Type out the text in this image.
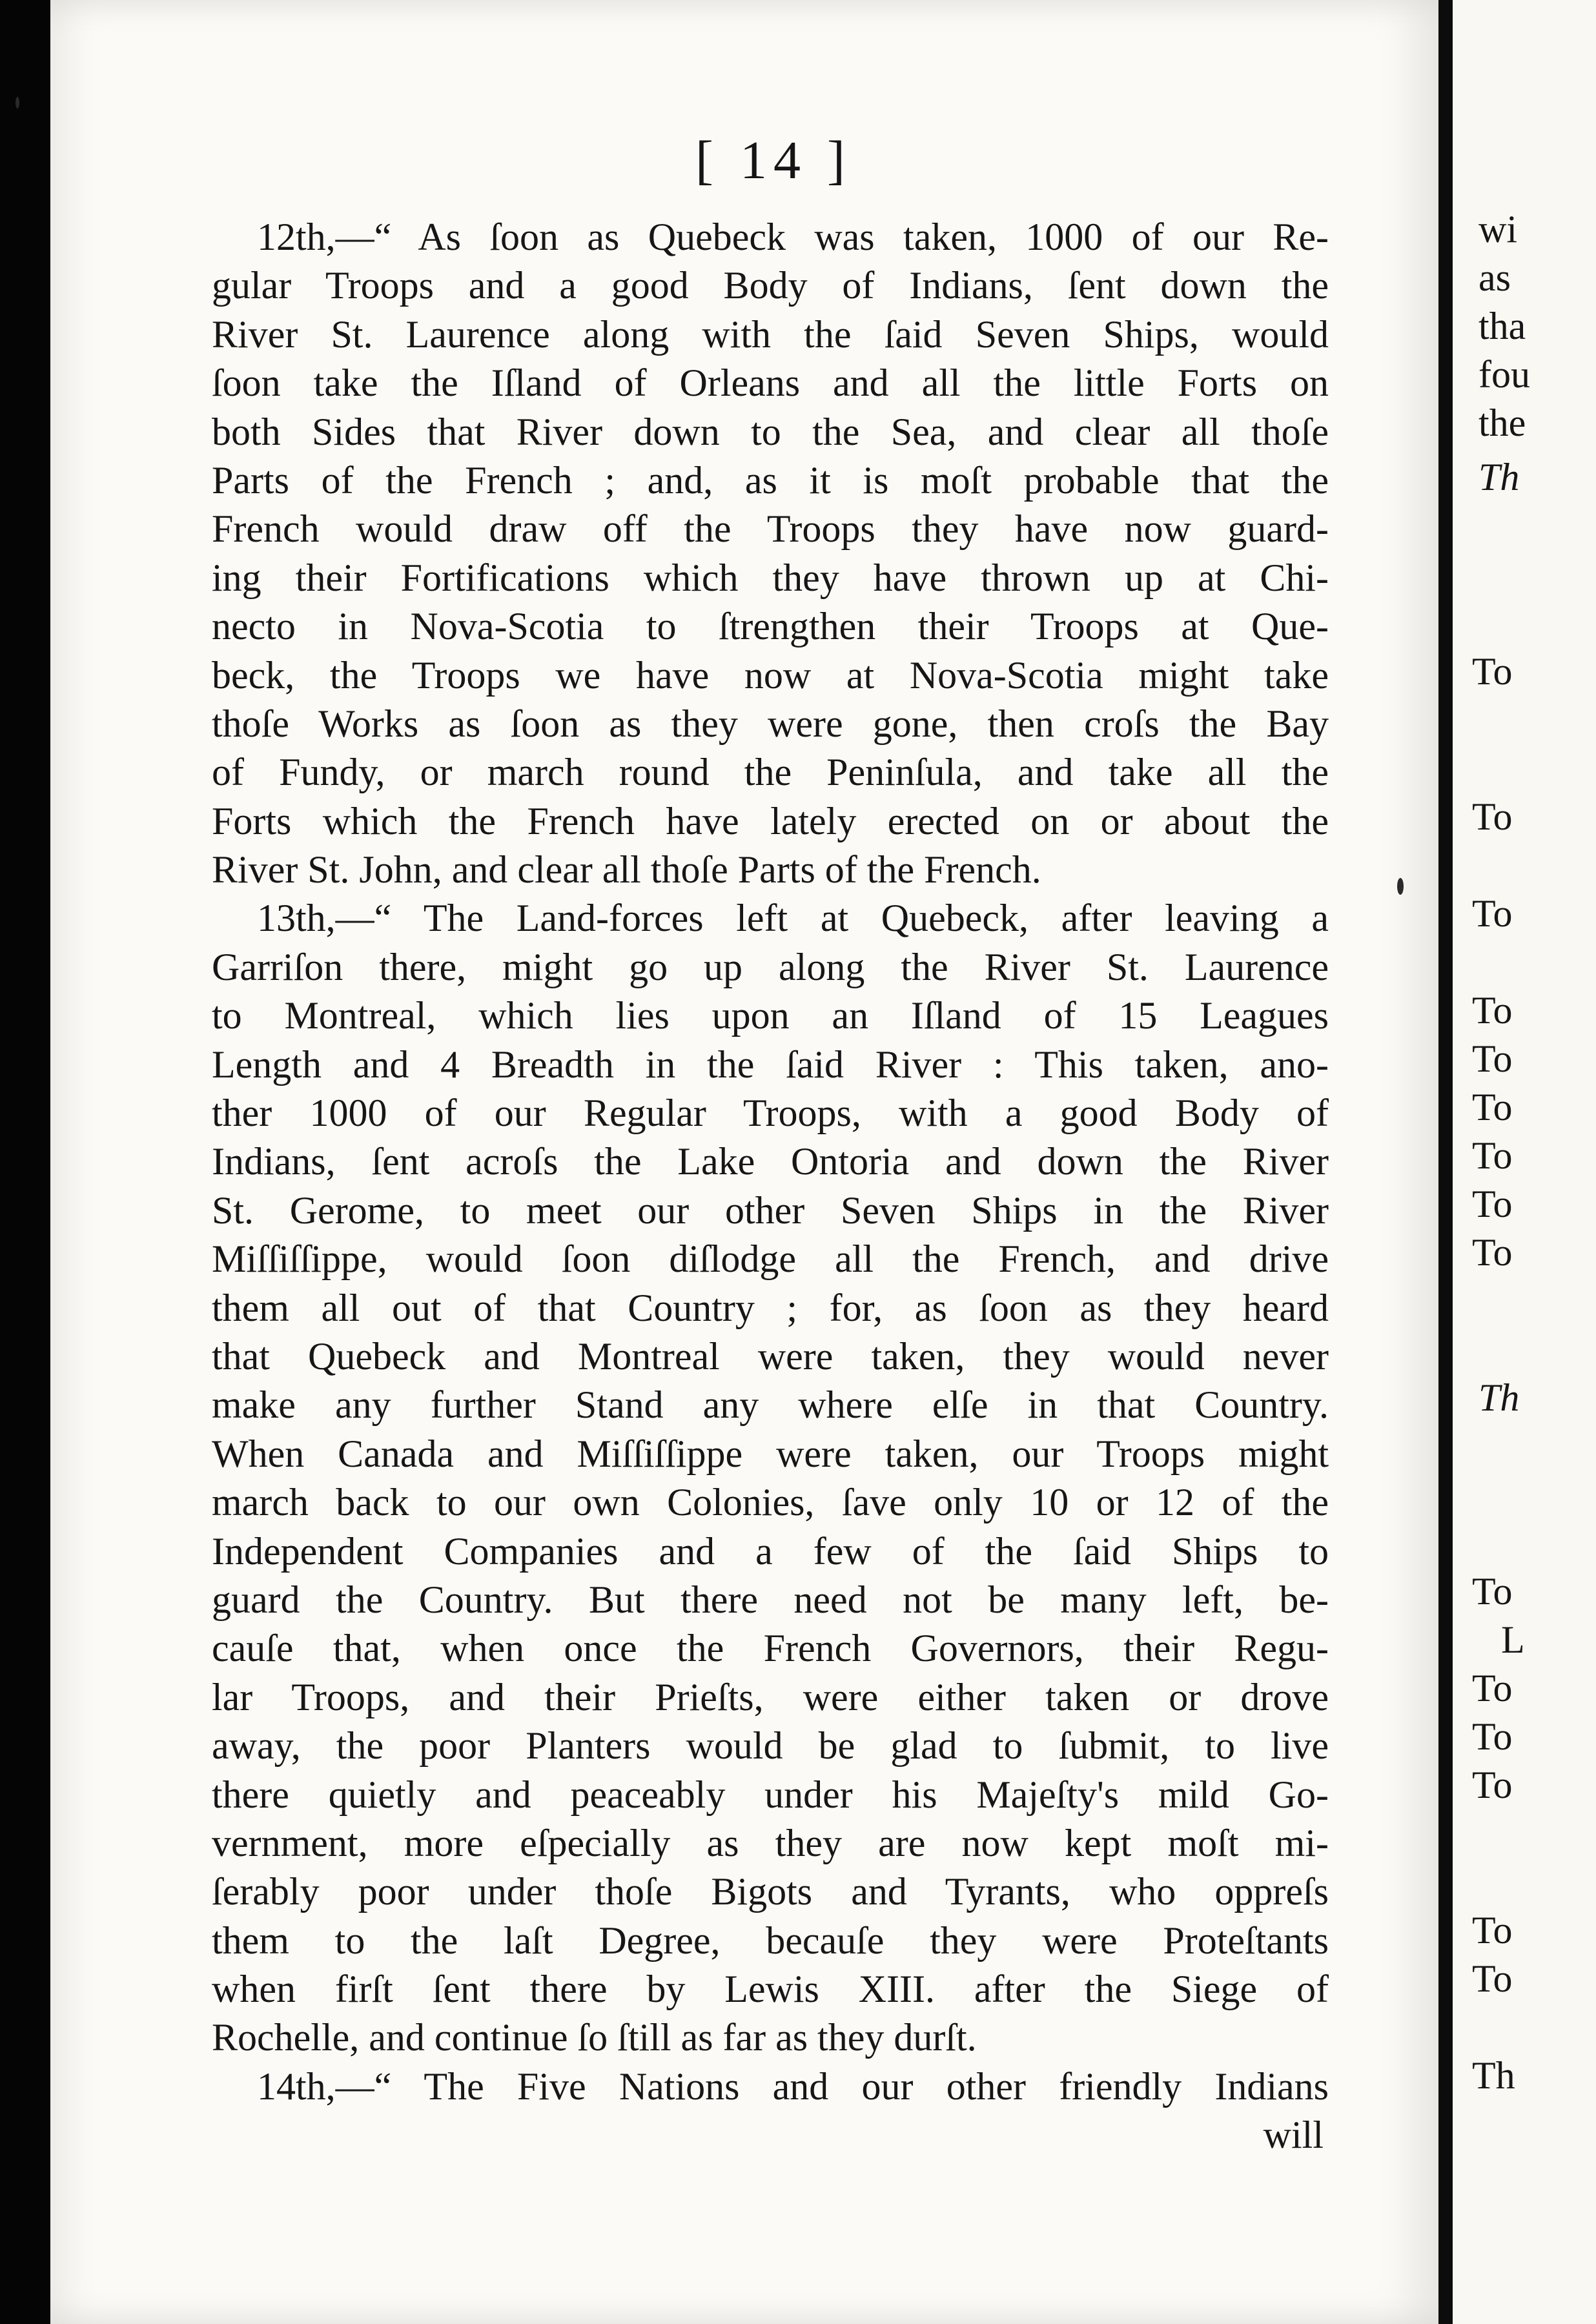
wi
as
tha
fou
the
Th
To
To
To
To
To
To
To
To
To
Th
To
L
To
To
To
To
To
Th
[ 14 ]
12th,—“ As ſoon as Quebeck was taken, 1000 of our Re-
gular Troops and a good Body of Indians, ſent down the
River St. Laurence along with the ſaid Seven Ships, would
ſoon take the Iſland of Orleans and all the little Forts on
both Sides that River down to the Sea, and clear all thoſe
Parts of the French ; and, as it is moſt probable that the
French would draw off the Troops they have now guard-
ing their Fortifications which they have thrown up at Chi-
necto in Nova-Scotia to ſtrengthen their Troops at Que-
beck, the Troops we have now at Nova-Scotia might take
thoſe Works as ſoon as they were gone, then croſs the Bay
of Fundy, or march round the Peninſula, and take all the
Forts which the French have lately erected on or about the
River St. John, and clear all thoſe Parts of the French.
13th,—“ The Land-forces left at Quebeck, after leaving a
Garriſon there, might go up along the River St. Laurence
to Montreal, which lies upon an Iſland of 15 Leagues
Length and 4 Breadth in the ſaid River : This taken, ano-
ther 1000 of our Regular Troops, with a good Body of
Indians, ſent acroſs the Lake Ontoria and down the River
St. Gerome, to meet our other Seven Ships in the River
Miſſiſſippe, would ſoon diſlodge all the French, and drive
them all out of that Country ; for, as ſoon as they heard
that Quebeck and Montreal were taken, they would never
make any further Stand any where elſe in that Country.
When Canada and Miſſiſſippe were taken, our Troops might
march back to our own Colonies, ſave only 10 or 12 of the
Independent Companies and a few of the ſaid Ships to
guard the Country. But there need not be many left, be-
cauſe that, when once the French Governors, their Regu-
lar Troops, and their Prieſts, were either taken or drove
away, the poor Planters would be glad to ſubmit, to live
there quietly and peaceably under his Majeſty's mild Go-
vernment, more eſpecially as they are now kept moſt mi-
ſerably poor under thoſe Bigots and Tyrants, who oppreſs
them to the laſt Degree, becauſe they were Proteſtants
when firſt ſent there by Lewis XIII. after the Siege of
Rochelle, and continue ſo ſtill as far as they durſt.
14th,—“ The Five Nations and our other friendly Indians
will
